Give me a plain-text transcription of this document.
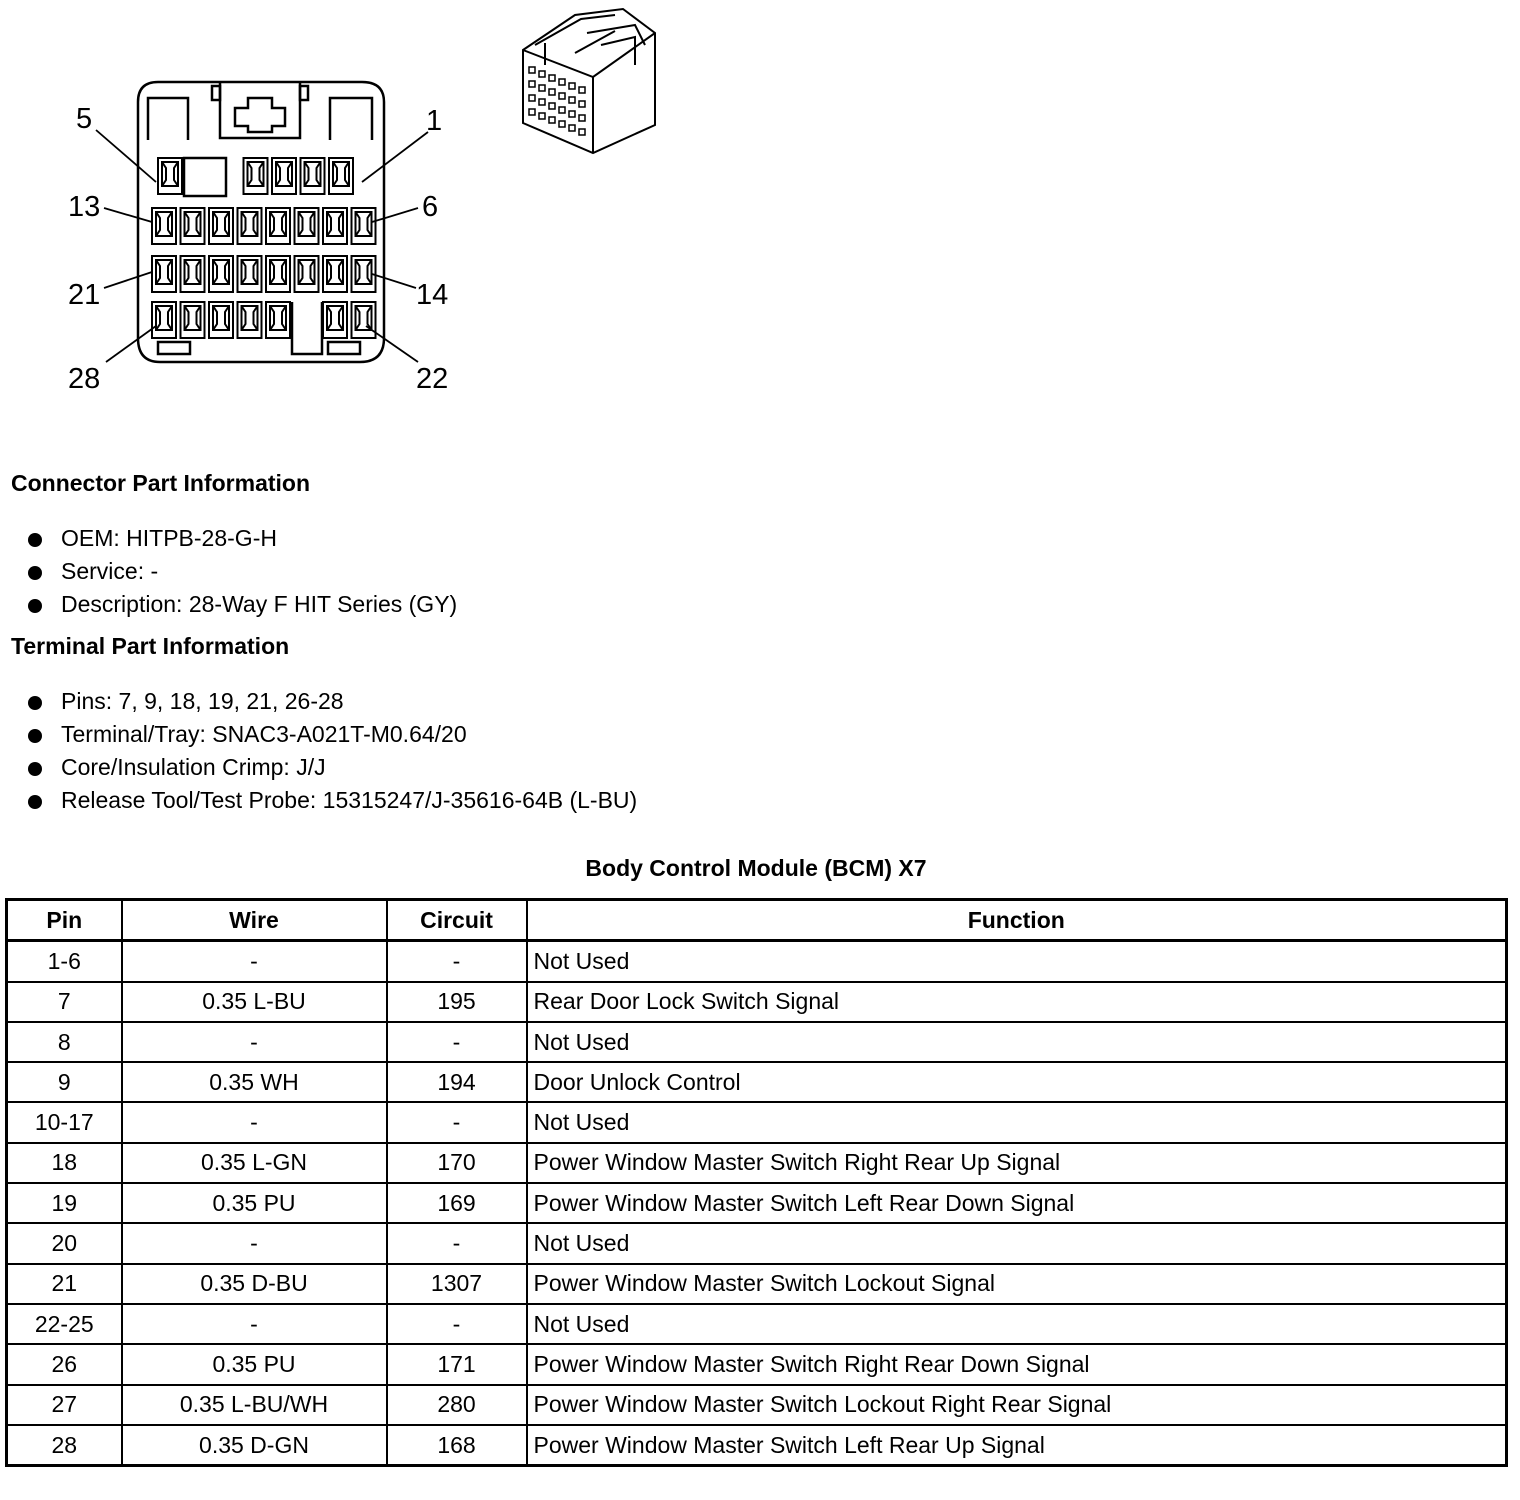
5	1
13	6
21	14
28	22
Connector Part Information
OEM: HITPB-28-G-H
Service: -
Description: 28-Way F HIT Series (GY)
Terminal Part Information
Pins: 7, 9, 18, 19, 21, 26-28
Terminal/Tray: SNAC3-A021T-M0.64/20
Core/Insulation Crimp: J/J
Release Tool/Test Probe: 15315247/J-35616-64B (L-BU)
Body Control Module (BCM) X7
Pin	Wire	Circuit	Function
1-6	-	-	Not Used
7	0.35 L-BU	195	Rear Door Lock Switch Signal
8	-	-	Not Used
9	0.35 WH	194	Door Unlock Control
10-17	-	-	Not Used
18	0.35 L-GN	170	Power Window Master Switch Right Rear Up Signal
19	0.35 PU	169	Power Window Master Switch Left Rear Down Signal
20	-	-	Not Used
21	0.35 D-BU	1307	Power Window Master Switch Lockout Signal
22-25	-	-	Not Used
26	0.35 PU	171	Power Window Master Switch Right Rear Down Signal
27	0.35 L-BU/WH	280	Power Window Master Switch Lockout Right Rear Signal
28	0.35 D-GN	168	Power Window Master Switch Left Rear Up Signal
